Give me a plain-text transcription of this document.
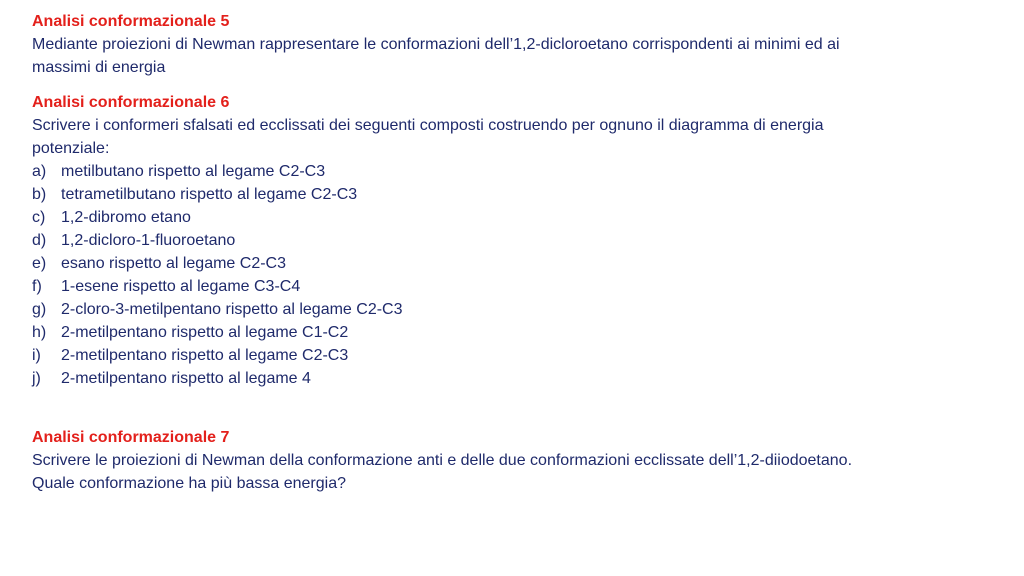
Analisi conformazionale 5

Mediante proiezioni di Newman rappresentare le conformazioni dell’1,2-dicloroetano corrispondenti ai minimi ed ai

massimi di energia

Analisi conformazionale 6

Scrivere i conformeri sfalsati ed ecclissati dei seguenti composti costruendo per ognuno il diagramma di energia

potenziale:

a) metilbutano rispetto al legame C2-C3
b) tetrametilbutano rispetto al legame C2-C3
c) 1,2-dibromo etano
d) 1,2-dicloro-1-fluoroetano
e) esano rispetto al legame C2-C3
f)	1-esene rispetto al legame C3-C4
g) 2-cloro-3-metilpentano rispetto al legame C2-C3
h) 2-metilpentano rispetto al legame C1-C2
i)	2-metilpentano rispetto al legame C2-C3
j)	2-metilpentano rispetto al legame 4
Analisi conformazionale 7

Scrivere le proiezioni di Newman della conformazione anti e delle due conformazioni ecclissate dell’1,2-diiodoetano.

Quale conformazione ha più bassa energia?
